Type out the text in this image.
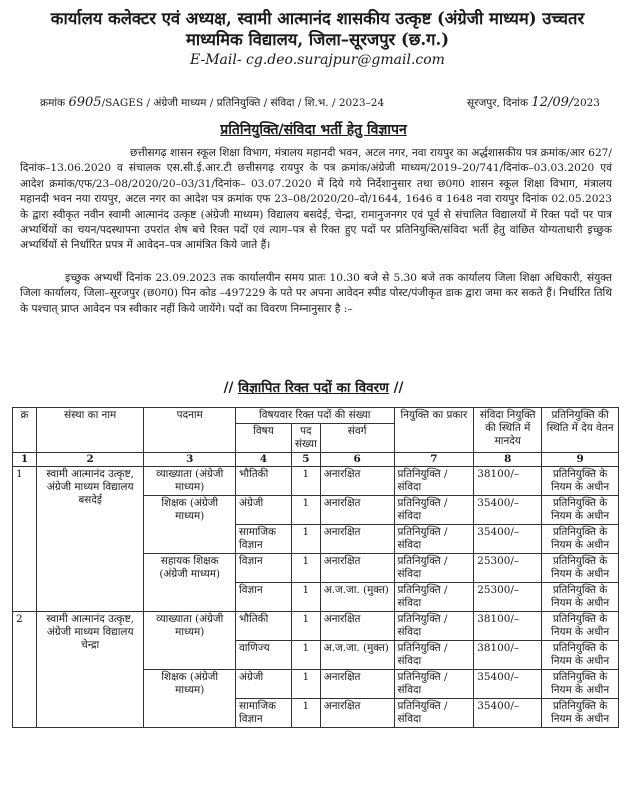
कार्यालय कलेक्टर एवं अध्यक्ष, स्वामी आत्मानंद शासकीय उत्कृष्ट (अंग्रेजी माध्यम) उच्चतर
माध्यमिक विद्यालय, जिला–सूरजपुर (छ.ग.)
E-Mail- cg.deo.surajpur@gmail.com
क्रमांक 6905/SAGES / अंग्रेजी माध्यम / प्रतिनियुक्ति / संविदा / शि.भ. / 2023–24	सूरजपुर, दिनांक 12/09/2023
प्रतिनियुक्ति/संविदा भर्ती हेतु विज्ञापन
छत्तीसगढ़ शासन स्कूल शिक्षा विभाग, मंत्रालय महानदी भवन, अटल नगर, नवा रायपुर का अर्द्धशासकीय पत्र क्रमांक/आर 627/दिनांक–13.06.2020 व संचालक एस.सी.ई.आर.टी छत्तीसगढ़ रायपुर के पत्र क्रमांक/अंग्रेजी माध्यम/2019–20/741/दिनांक–03.03.2020 एवं आदेश क्रमांक/एफ/23–08/2020/20–03/31/दिनांक– 03.07.2020 में दिये गये निर्देशानुसार तथा छ0ग0 शासन स्कूल शिक्षा विभाग, मंत्रालय महानदी भवन नया रायपुर, अटल नगर का आदेश पत्र क्रमांक एफ 23–08/2020/20–दो/1644, 1646 व 1648 नवा रायपुर दिनांक 02.05.2023 के द्वारा स्वीकृत नवीन स्वामी आत्मानंद उत्कृष्ट (अंग्रेजी माध्यम) विद्यालय बसदेई, चेन्द्रा, रामानुजनगर एवं पूर्व से संचालित विद्यालयों में रिक्त पदों पर पात्र अभ्यर्थियों का चयन/पदस्थापना उपरांत शेष बचे रिक्त पदों एवं त्याग–पत्र से रिक्त हुए पदों पर प्रतिनियुक्ति/संविदा भर्ती हेतु वांछित योग्यताधारी इच्छुक अभ्यर्थियों से निर्धारित प्रपत्र में आवेदन–पत्र आमंत्रित किये जाते हैं।
इच्छुक अभ्यर्थी दिनांक 23.09.2023 तक कार्यालयीन समय प्रातः 10.30 बजे से 5.30 बजे तक कार्यालय जिला शिक्षा अधिकारी, संयुक्त जिला कार्यालय, जिला–सूरजपुर (छ0ग0) पिन कोड –497229 के पते पर अपना आवेदन स्पीड पोस्ट/पंजीकृत डाक द्वारा जमा कर सकते हैं। निर्धारित तिथि के पश्चात् प्राप्त आवेदन पत्र स्वीकार नहीं किये जायेंगे। पदों का विवरण निम्नानुसार है :–
// विज्ञापित रिक्त पदों का विवरण //
क्र	संस्था का नाम	पदनाम	विषयवार रिक्त पदों की संख्या			नियुक्ति का प्रकार	संविदा नियुक्ति की स्थिति में मानदेय	प्रतिनियुक्ति की स्थिति में देय वेतन
			विषय	पद संख्या	संवर्ग			
1	2	3	4	5	6	7	8	9
1	स्वामी आत्मानंद उत्कृष्ट, अंग्रेजी माध्यम विद्यालय बसदेई	व्याख्याता (अंग्रेजी माध्यम)	भौतिकी	1	अनारक्षित	प्रतिनियुक्ति /संविदा	38100/–	प्रतिनियुक्ति के नियम के अधीन
		शिक्षक (अंग्रेजी माध्यम)	अंग्रेजी	1	अनारक्षित	प्रतिनियुक्ति /संविदा	35400/–	प्रतिनियुक्ति के नियम के अधीन
			सामाजिक विज्ञान	1	अनारक्षित	प्रतिनियुक्ति /संविदा	35400/–	प्रतिनियुक्ति के नियम के अधीन
		सहायक शिक्षक (अंग्रेजी माध्यम)	विज्ञान	1	अनारक्षित	प्रतिनियुक्ति /संविदा	25300/–	प्रतिनियुक्ति के नियम के अधीन
			विज्ञान	1	अ.ज.जा. (मुक्त)	प्रतिनियुक्ति /संविदा	25300/–	प्रतिनियुक्ति के नियम के अधीन
2	स्वामी आत्मानंद उत्कृष्ट, अंग्रेजी माध्यम विद्यालय चेन्द्रा	व्याख्याता (अंग्रेजी माध्यम)	भौतिकी	1	अनारक्षित	प्रतिनियुक्ति /संविदा	38100/–	प्रतिनियुक्ति के नियम के अधीन
			वाणिज्य	1	अ.ज.जा. (मुक्त)	प्रतिनियुक्ति /संविदा	38100/–	प्रतिनियुक्ति के नियम के अधीन
		शिक्षक (अंग्रेजी माध्यम)	अंग्रेजी	1	अनारक्षित	प्रतिनियुक्ति /संविदा	35400/–	प्रतिनियुक्ति के नियम के अधीन
			सामाजिक विज्ञान	1	अनारक्षित	प्रतिनियुक्ति /संविदा	35400/–	प्रतिनियुक्ति के नियम के अधीन
